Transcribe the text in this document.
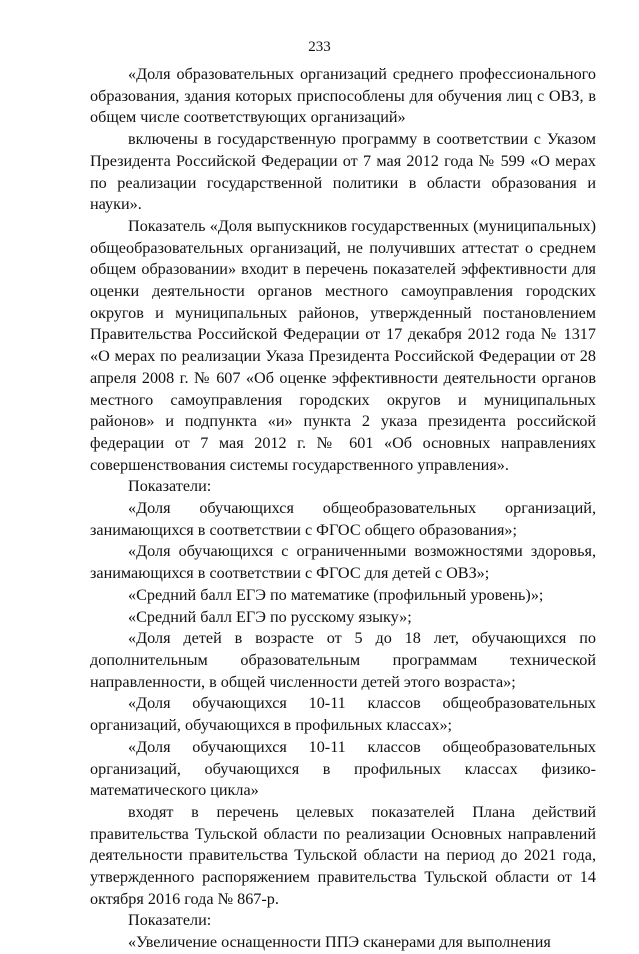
233

«Доля образовательных организаций среднего профессионального образования, здания которых приспособлены для обучения лиц с ОВЗ, в общем числе соответствующих организаций»

включены в государственную программу в соответствии с Указом Президента Российской Федерации от 7 мая 2012 года № 599 «О мерах по реализации государственной политики в области образования и науки».

Показатель «Доля выпускников государственных (муниципальных) общеобразовательных организаций, не получивших аттестат о среднем общем образовании» входит в перечень показателей эффективности для оценки деятельности органов местного самоуправления городских округов и муниципальных районов, утвержденный постановлением Правительства Российской Федерации от 17 декабря 2012 года № 1317 «О мерах по реализации Указа Президента Российской Федерации от 28 апреля 2008 г. № 607 «Об оценке эффективности деятельности органов местного самоуправления городских округов и муниципальных районов» и подпункта «и» пункта 2 указа президента российской федерации от 7 мая 2012 г. № 601 «Об основных направлениях совершенствования системы государственного управления».

Показатели:

«Доля обучающихся общеобразовательных организаций, занимающихся в соответствии с ФГОС общего образования»;

«Доля обучающихся с ограниченными возможностями здоровья, занимающихся в соответствии с ФГОС для детей с ОВЗ»;

«Средний балл ЕГЭ по математике (профильный уровень)»;

«Средний балл ЕГЭ по русскому языку»;

«Доля детей в возрасте от 5 до 18 лет, обучающихся по дополнительным образовательным программам технической направленности, в общей численности детей этого возраста»;

«Доля обучающихся 10-11 классов общеобразовательных организаций, обучающихся в профильных классах»;

«Доля обучающихся 10-11 классов общеобразовательных организаций, обучающихся в профильных классах физико-математического цикла»

входят в перечень целевых показателей Плана действий правительства Тульской области по реализации Основных направлений деятельности правительства Тульской области на период до 2021 года, утвержденного распоряжением правительства Тульской области от 14 октября 2016 года № 867-р.

Показатели:

«Увеличение оснащенности ППЭ сканерами для выполнения
